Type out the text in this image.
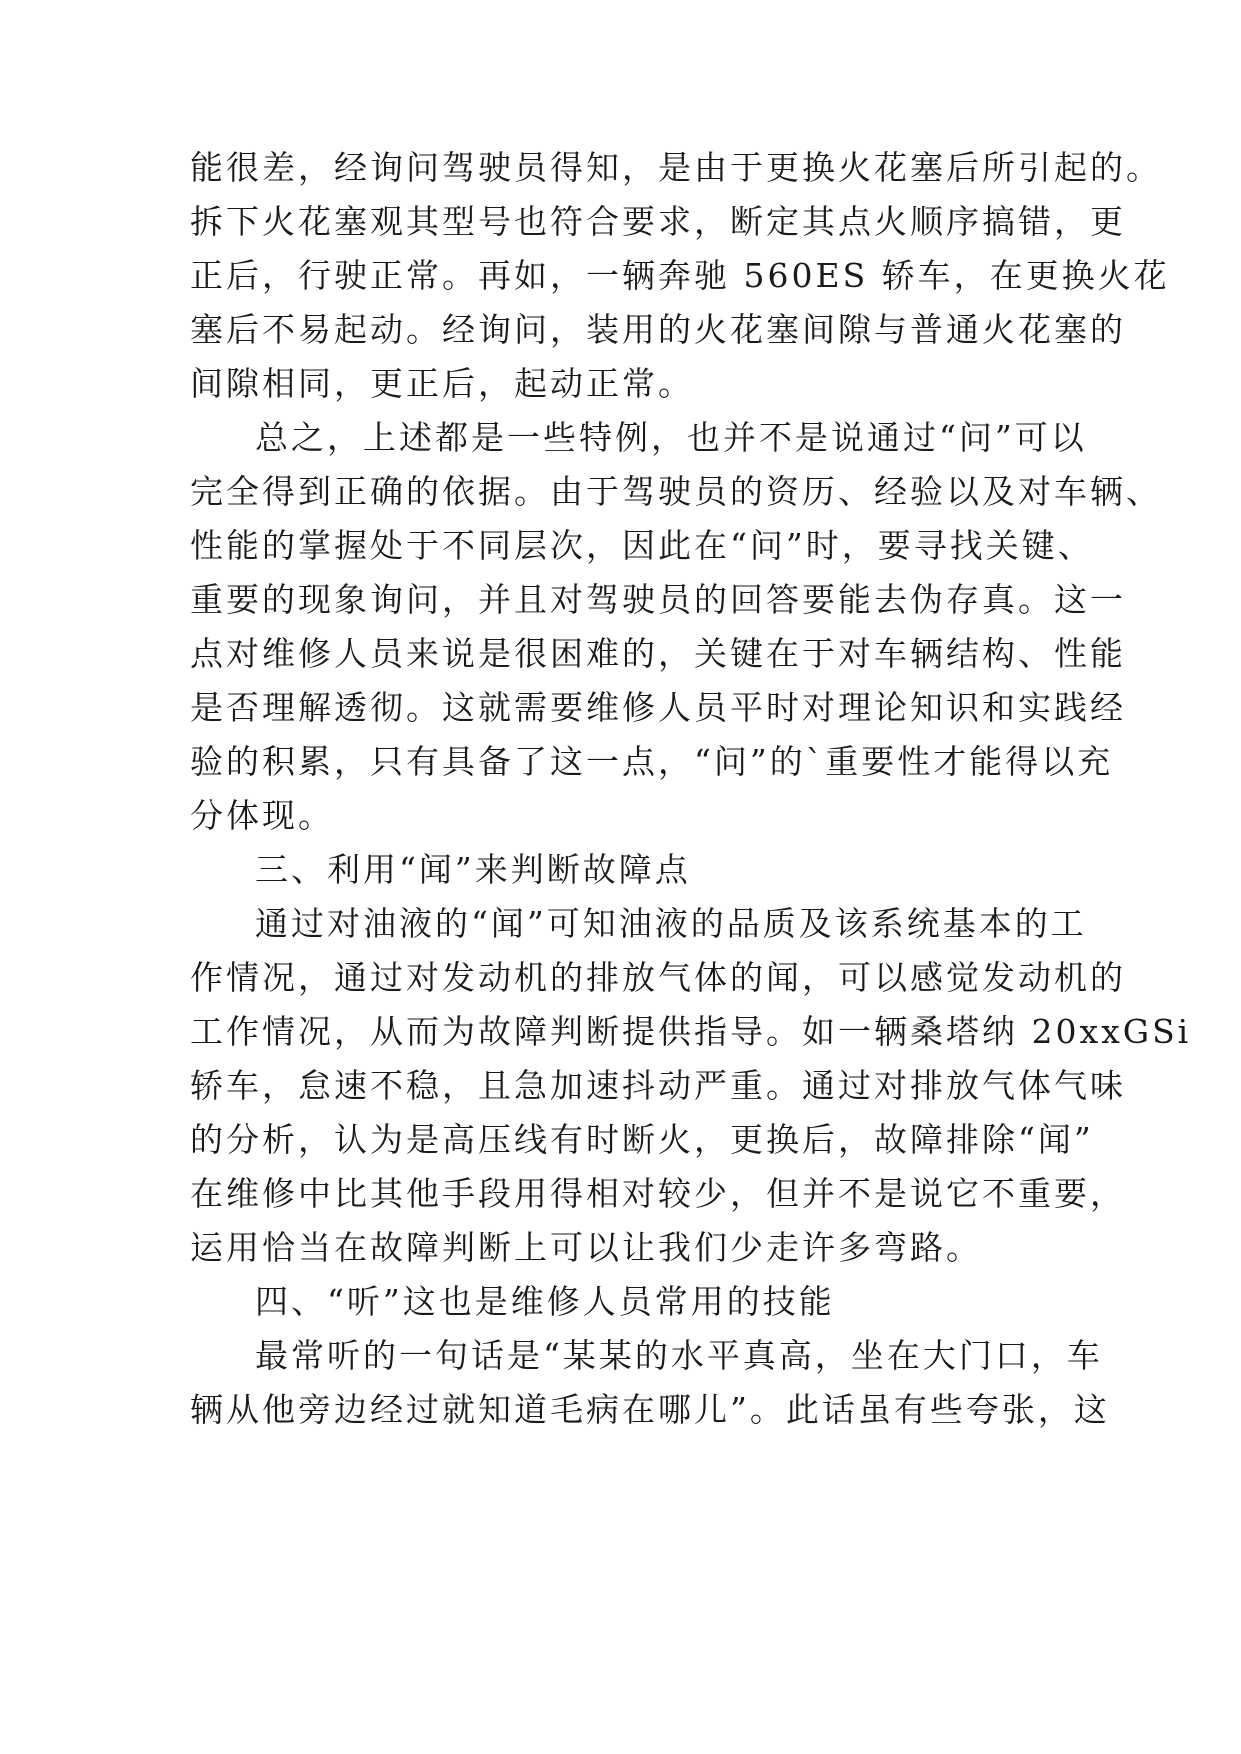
能很差，经询问驾驶员得知，是由于更换火花塞后所引起的。

拆下火花塞观其型号也符合要求，断定其点火顺序搞错，更

正后，行驶正常。再如，一辆奔驰 560ES 轿车，在更换火花

塞后不易起动。经询问，装用的火花塞间隙与普通火花塞的

间隙相同，更正后，起动正常。

总之，上述都是一些特例，也并不是说通过“问”可以

完全得到正确的依据。由于驾驶员的资历、经验以及对车辆、

性能的掌握处于不同层次，因此在“问”时，要寻找关键、

重要的现象询问，并且对驾驶员的回答要能去伪存真。这一

点对维修人员来说是很困难的，关键在于对车辆结构、性能

是否理解透彻。这就需要维修人员平时对理论知识和实践经

验的积累，只有具备了这一点，“问”的`重要性才能得以充

分体现。

三、利用“闻”来判断故障点

通过对油液的“闻”可知油液的品质及该系统基本的工

作情况，通过对发动机的排放气体的闻，可以感觉发动机的

工作情况，从而为故障判断提供指导。如一辆桑塔纳 20xxGSi

轿车，怠速不稳，且急加速抖动严重。通过对排放气体气味

的分析，认为是高压线有时断火，更换后，故障排除“闻”

在维修中比其他手段用得相对较少，但并不是说它不重要，

运用恰当在故障判断上可以让我们少走许多弯路。

四、“听”这也是维修人员常用的技能

最常听的一句话是“某某的水平真高，坐在大门口，车

辆从他旁边经过就知道毛病在哪儿”。此话虽有些夸张，这
